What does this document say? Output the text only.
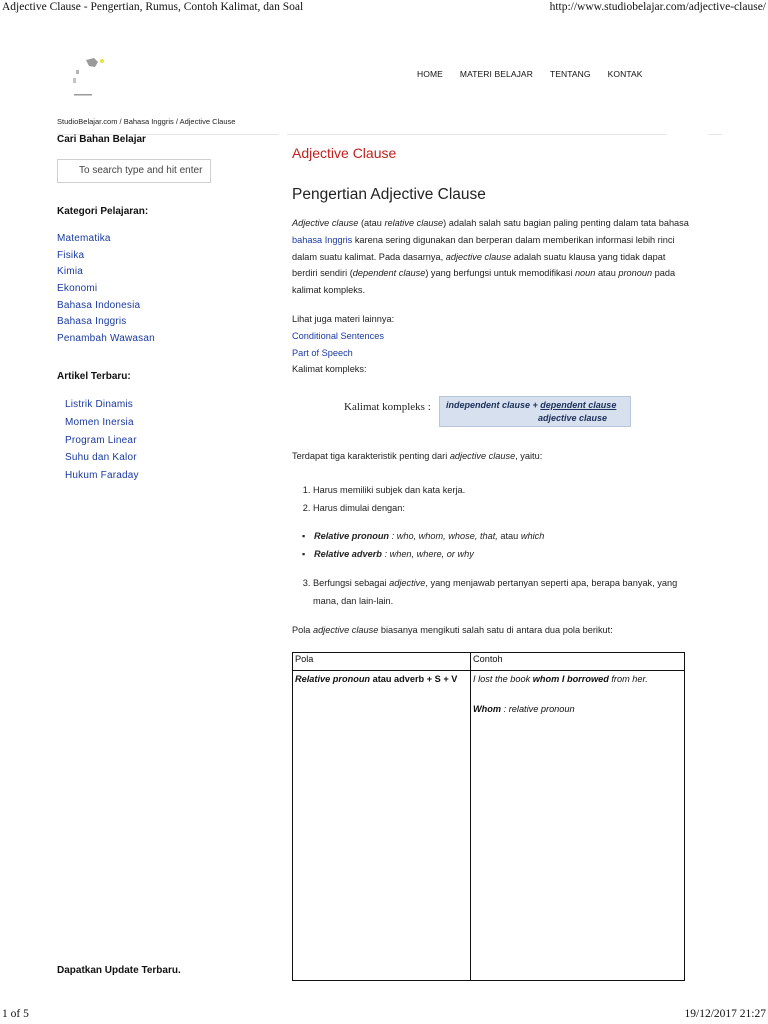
Adjective Clause - Pengertian, Rumus, Contoh Kalimat, dan Soal	http://www.studiobelajar.com/adjective-clause/
HOME MATERI BELAJAR TENTANG KONTAK
StudioBelajar.com / Bahasa Inggris / Adjective Clause
Cari Bahan Belajar
To search type and hit enter
Kategori Pelajaran:
Matematika
Fisika
Kimia
Ekonomi
Bahasa Indonesia
Bahasa Inggris
Penambah Wawasan
Artikel Terbaru:
Listrik Dinamis
Momen Inersia
Program Linear
Suhu dan Kalor
Hukum Faraday
Dapatkan Update Terbaru.
Adjective Clause
Pengertian Adjective Clause
Adjective clause (atau relative clause) adalah salah satu bagian paling penting dalam tata bahasa bahasa Inggris karena sering digunakan dan berperan dalam memberikan informasi lebih rinci dalam suatu kalimat. Pada dasarnya, adjective clause adalah suatu klausa yang tidak dapat berdiri sendiri (dependent clause) yang berfungsi untuk memodifikasi noun atau pronoun pada kalimat kompleks.
Lihat juga materi lainnya:
Conditional Sentences
Part of Speech
Kalimat kompleks:
Kalimat kompleks : independent clause + dependent clause
adjective clause
Terdapat tiga karakteristik penting dari adjective clause, yaitu:
1. Harus memiliki subjek dan kata kerja.
2. Harus dimulai dengan:
▪ Relative pronoun : who, whom, whose, that, atau which
▪ Relative adverb : when, where, or why
3. Berfungsi sebagai adjective, yang menjawab pertanyan seperti apa, berapa banyak, yang mana, dan lain-lain.
Pola adjective clause biasanya mengikuti salah satu di antara dua pola berikut:
Pola	Contoh
Relative pronoun atau adverb + S + V	I lost the book whom I borrowed from her.
Whom : relative pronoun
1 of 5	19/12/2017 21:27
